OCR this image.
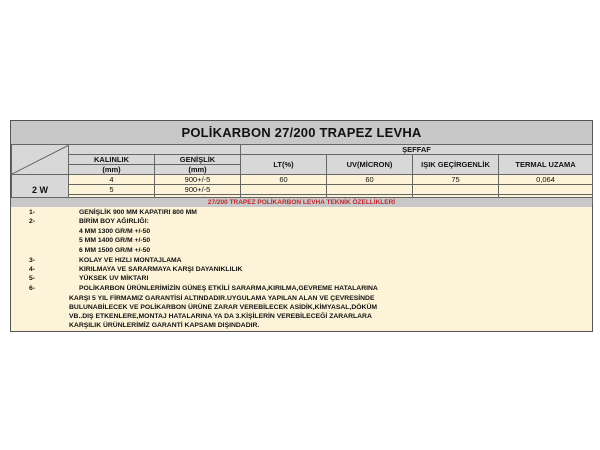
POLİKARBON 27/200 TRAPEZ LEVHA
		ŞEFFAF			
	KALINLIK	GENİŞLİK	LT(%)	UV(MİCRON)	IŞIK GEÇİRGENLİK	TERMAL UZAMA
	(mm)	(mm)				
2 W	4	900+/-5	60	60	75	0,064
	5	900+/-5				

27/200 TRAPEZ POLİKARBON LEVHA TEKNİK ÖZELLİKLERİ
1-	GENİŞLİK 900 MM KAPATIRI 800 MM
2-	BİRİM BOY AĞIRLIĞI:
4 MM 1300 GR/M +/-50
5 MM 1400 GR/M +/-50
6 MM 1500 GR/M +/-50
3-	KOLAY VE HIZLI MONTAJLAMA
4-	KIRILMAYA VE SARARMAYA KARŞI DAYANIKLILIK
5-	YÜKSEK UV MİKTARI
6-	POLİKARBON ÜRÜNLERİMİZİN GÜNEŞ ETKİLİ SARARMA,KIRILMA,GEVREME HATALARINA
KARŞI 5 YIL FİRMAMIZ GARANTİSİ ALTINDADIR.UYGULAMA YAPILAN ALAN VE ÇEVRESİNDE
BULUNABİLECEK VE POLİKARBON ÜRÜNE ZARAR VEREBİLECEK ASİDİK,KİMYASAL,DÖKÜM
VB..DIŞ ETKENLERE,MONTAJ HATALARINA YA DA 3.KİŞİLERİN VEREBİLECEĞİ ZARARLARA
KARŞILIK ÜRÜNLERİMİZ GARANTİ KAPSAMI DIŞINDADIR.
